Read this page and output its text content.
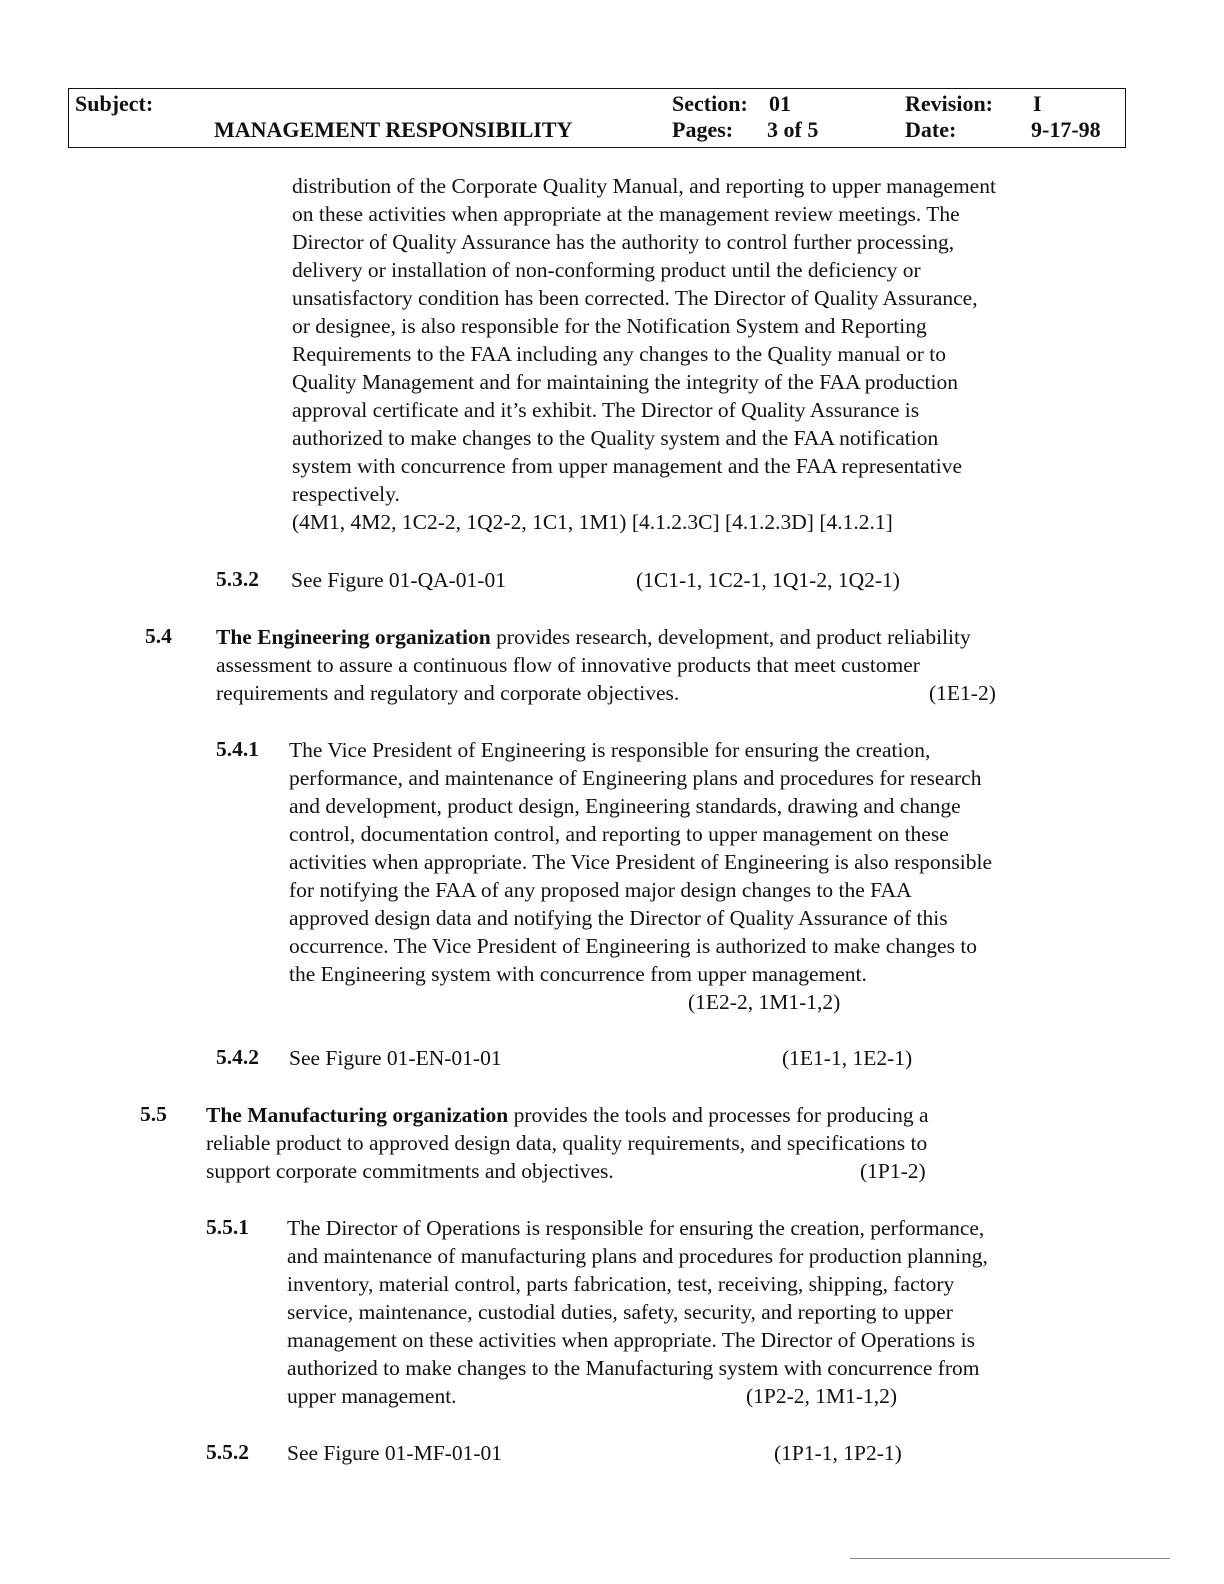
Subject:
MANAGEMENT RESPONSIBILITY
Section: 01
Pages: 3 of 5
Revision: I
Date:	9-17-98
distribution of the Corporate Quality Manual, and reporting to upper management
on these activities when appropriate at the management review meetings. The
Director of Quality Assurance has the authority to control further processing,
delivery or installation of non-conforming product until the deficiency or
unsatisfactory condition has been corrected. The Director of Quality Assurance,
or designee, is also responsible for the Notification System and Reporting
Requirements to the FAA including any changes to the Quality manual or to
Quality Management and for maintaining the integrity of the FAA production
approval certificate and it’s exhibit. The Director of Quality Assurance is
authorized to make changes to the Quality system and the FAA notification
system with concurrence from upper management and the FAA representative
respectively.
(4M1, 4M2, 1C2-2, 1Q2-2, 1C1, 1M1) [4.1.2.3C] [4.1.2.3D] [4.1.2.1]
5.3.2 See Figure 01-QA-01-01	(1C1-1, 1C2-1, 1Q1-2, 1Q2-1)
5.4 The Engineering organization provides research, development, and product reliability
assessment to assure a continuous flow of innovative products that meet customer
requirements and regulatory and corporate objectives.	(1E1-2)
5.4.1 The Vice President of Engineering is responsible for ensuring the creation,
performance, and maintenance of Engineering plans and procedures for research
and development, product design, Engineering standards, drawing and change
control, documentation control, and reporting to upper management on these
activities when appropriate. The Vice President of Engineering is also responsible
for notifying the FAA of any proposed major design changes to the FAA
approved design data and notifying the Director of Quality Assurance of this
occurrence. The Vice President of Engineering is authorized to make changes to
the Engineering system with concurrence from upper management.
(1E2-2, 1M1-1,2)
5.4.2 See Figure 01-EN-01-01	(1E1-1, 1E2-1)
5.5 The Manufacturing organization provides the tools and processes for producing a
reliable product to approved design data, quality requirements, and specifications to
support corporate commitments and objectives.	(1P1-2)
5.5.1 The Director of Operations is responsible for ensuring the creation, performance,
and maintenance of manufacturing plans and procedures for production planning,
inventory, material control, parts fabrication, test, receiving, shipping, factory
service, maintenance, custodial duties, safety, security, and reporting to upper
management on these activities when appropriate. The Director of Operations is
authorized to make changes to the Manufacturing system with concurrence from
upper management.	(1P2-2, 1M1-1,2)
5.5.2 See Figure 01-MF-01-01	(1P1-1, 1P2-1)
